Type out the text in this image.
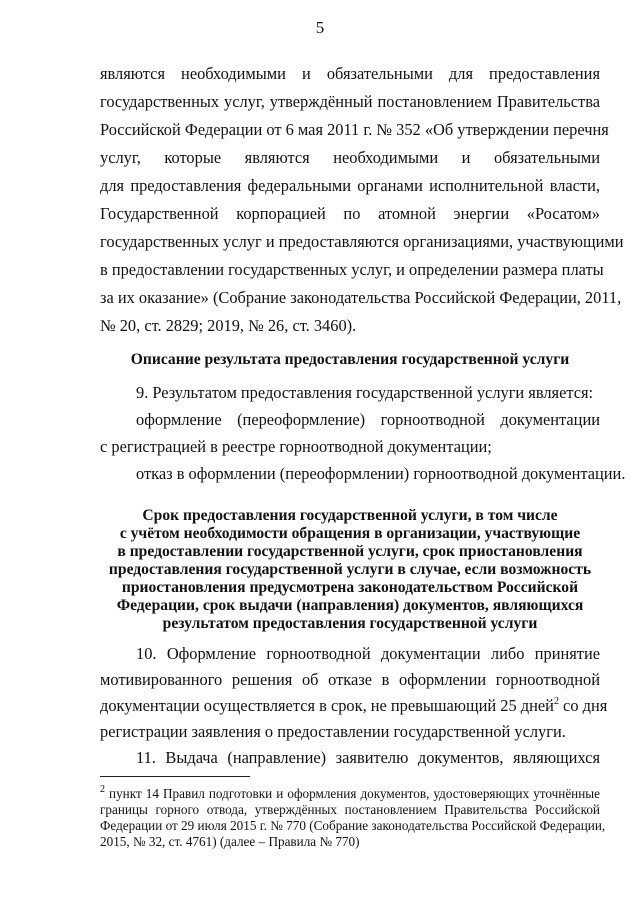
5
являются необходимыми и обязательными для предоставления
государственных услуг, утверждённый постановлением Правительства
Российской Федерации от 6 мая 2011 г. № 352 «Об утверждении перечня
услуг, которые являются необходимыми и обязательными
для предоставления федеральными органами исполнительной власти,
Государственной корпорацией по атомной энергии «Росатом»
государственных услуг и предоставляются организациями, участвующими
в предоставлении государственных услуг, и определении размера платы
за их оказание» (Собрание законодательства Российской Федерации, 2011,
№ 20, ст. 2829; 2019, № 26, ст. 3460).
Описание результата предоставления государственной услуги
9. Результатом предоставления государственной услуги является:
оформление (переоформление) горноотводной документации
с регистрацией в реестре горноотводной документации;
отказ в оформлении (переоформлении) горноотводной документации.
Срок предоставления государственной услуги, в том числе
с учётом необходимости обращения в организации, участвующие
в предоставлении государственной услуги, срок приостановления
предоставления государственной услуги в случае, если возможность
приостановления предусмотрена законодательством Российской
Федерации, срок выдачи (направления) документов, являющихся
результатом предоставления государственной услуги
10. Оформление горноотводной документации либо принятие
мотивированного решения об отказе в оформлении горноотводной
документации осуществляется в срок, не превышающий 25 дней$^2$ со дня
регистрации заявления о предоставлении государственной услуги.
11. Выдача (направление) заявителю документов, являющихся
$^2$ пункт 14 Правил подготовки и оформления документов, удостоверяющих уточнённые
границы горного отвода, утверждённых постановлением Правительства Российской
Федерации от 29 июля 2015 г. № 770 (Собрание законодательства Российской Федерации,
2015, № 32, ст. 4761) (далее – Правила № 770)
